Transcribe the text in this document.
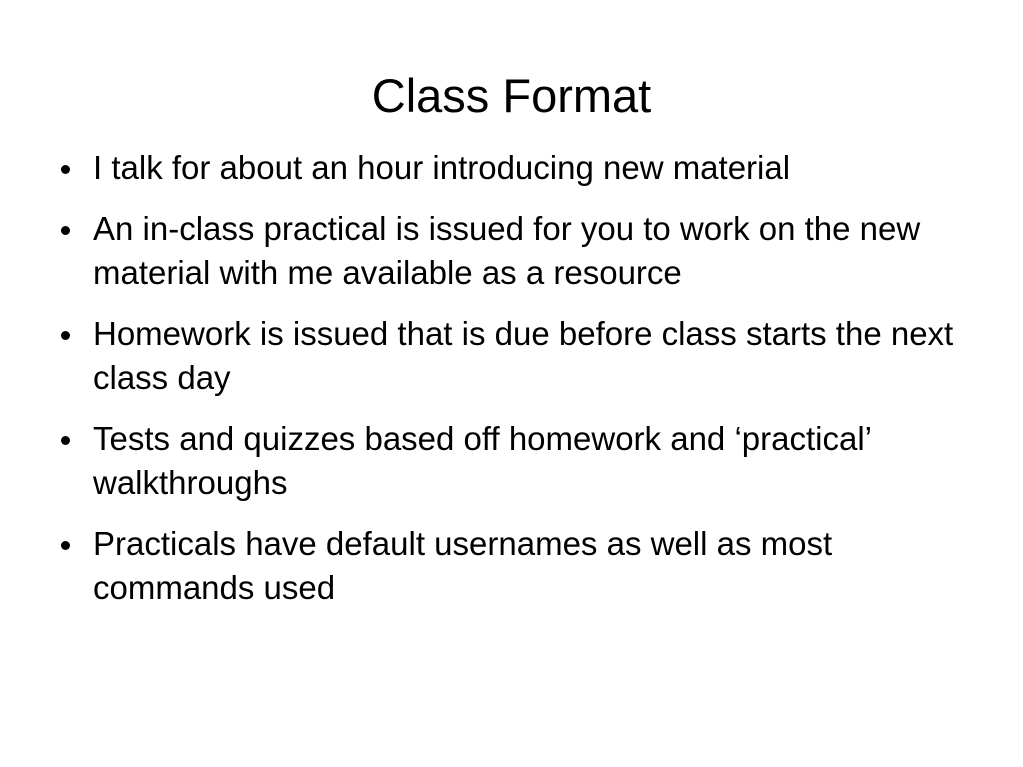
Class Format
I talk for about an hour introducing new material
An in-class practical is issued for you to work on the new material with me available as a resource
Homework is issued that is due before class starts the next class day
Tests and quizzes based off homework and ‘practical’ walkthroughs
Practicals have default usernames as well as most commands used
